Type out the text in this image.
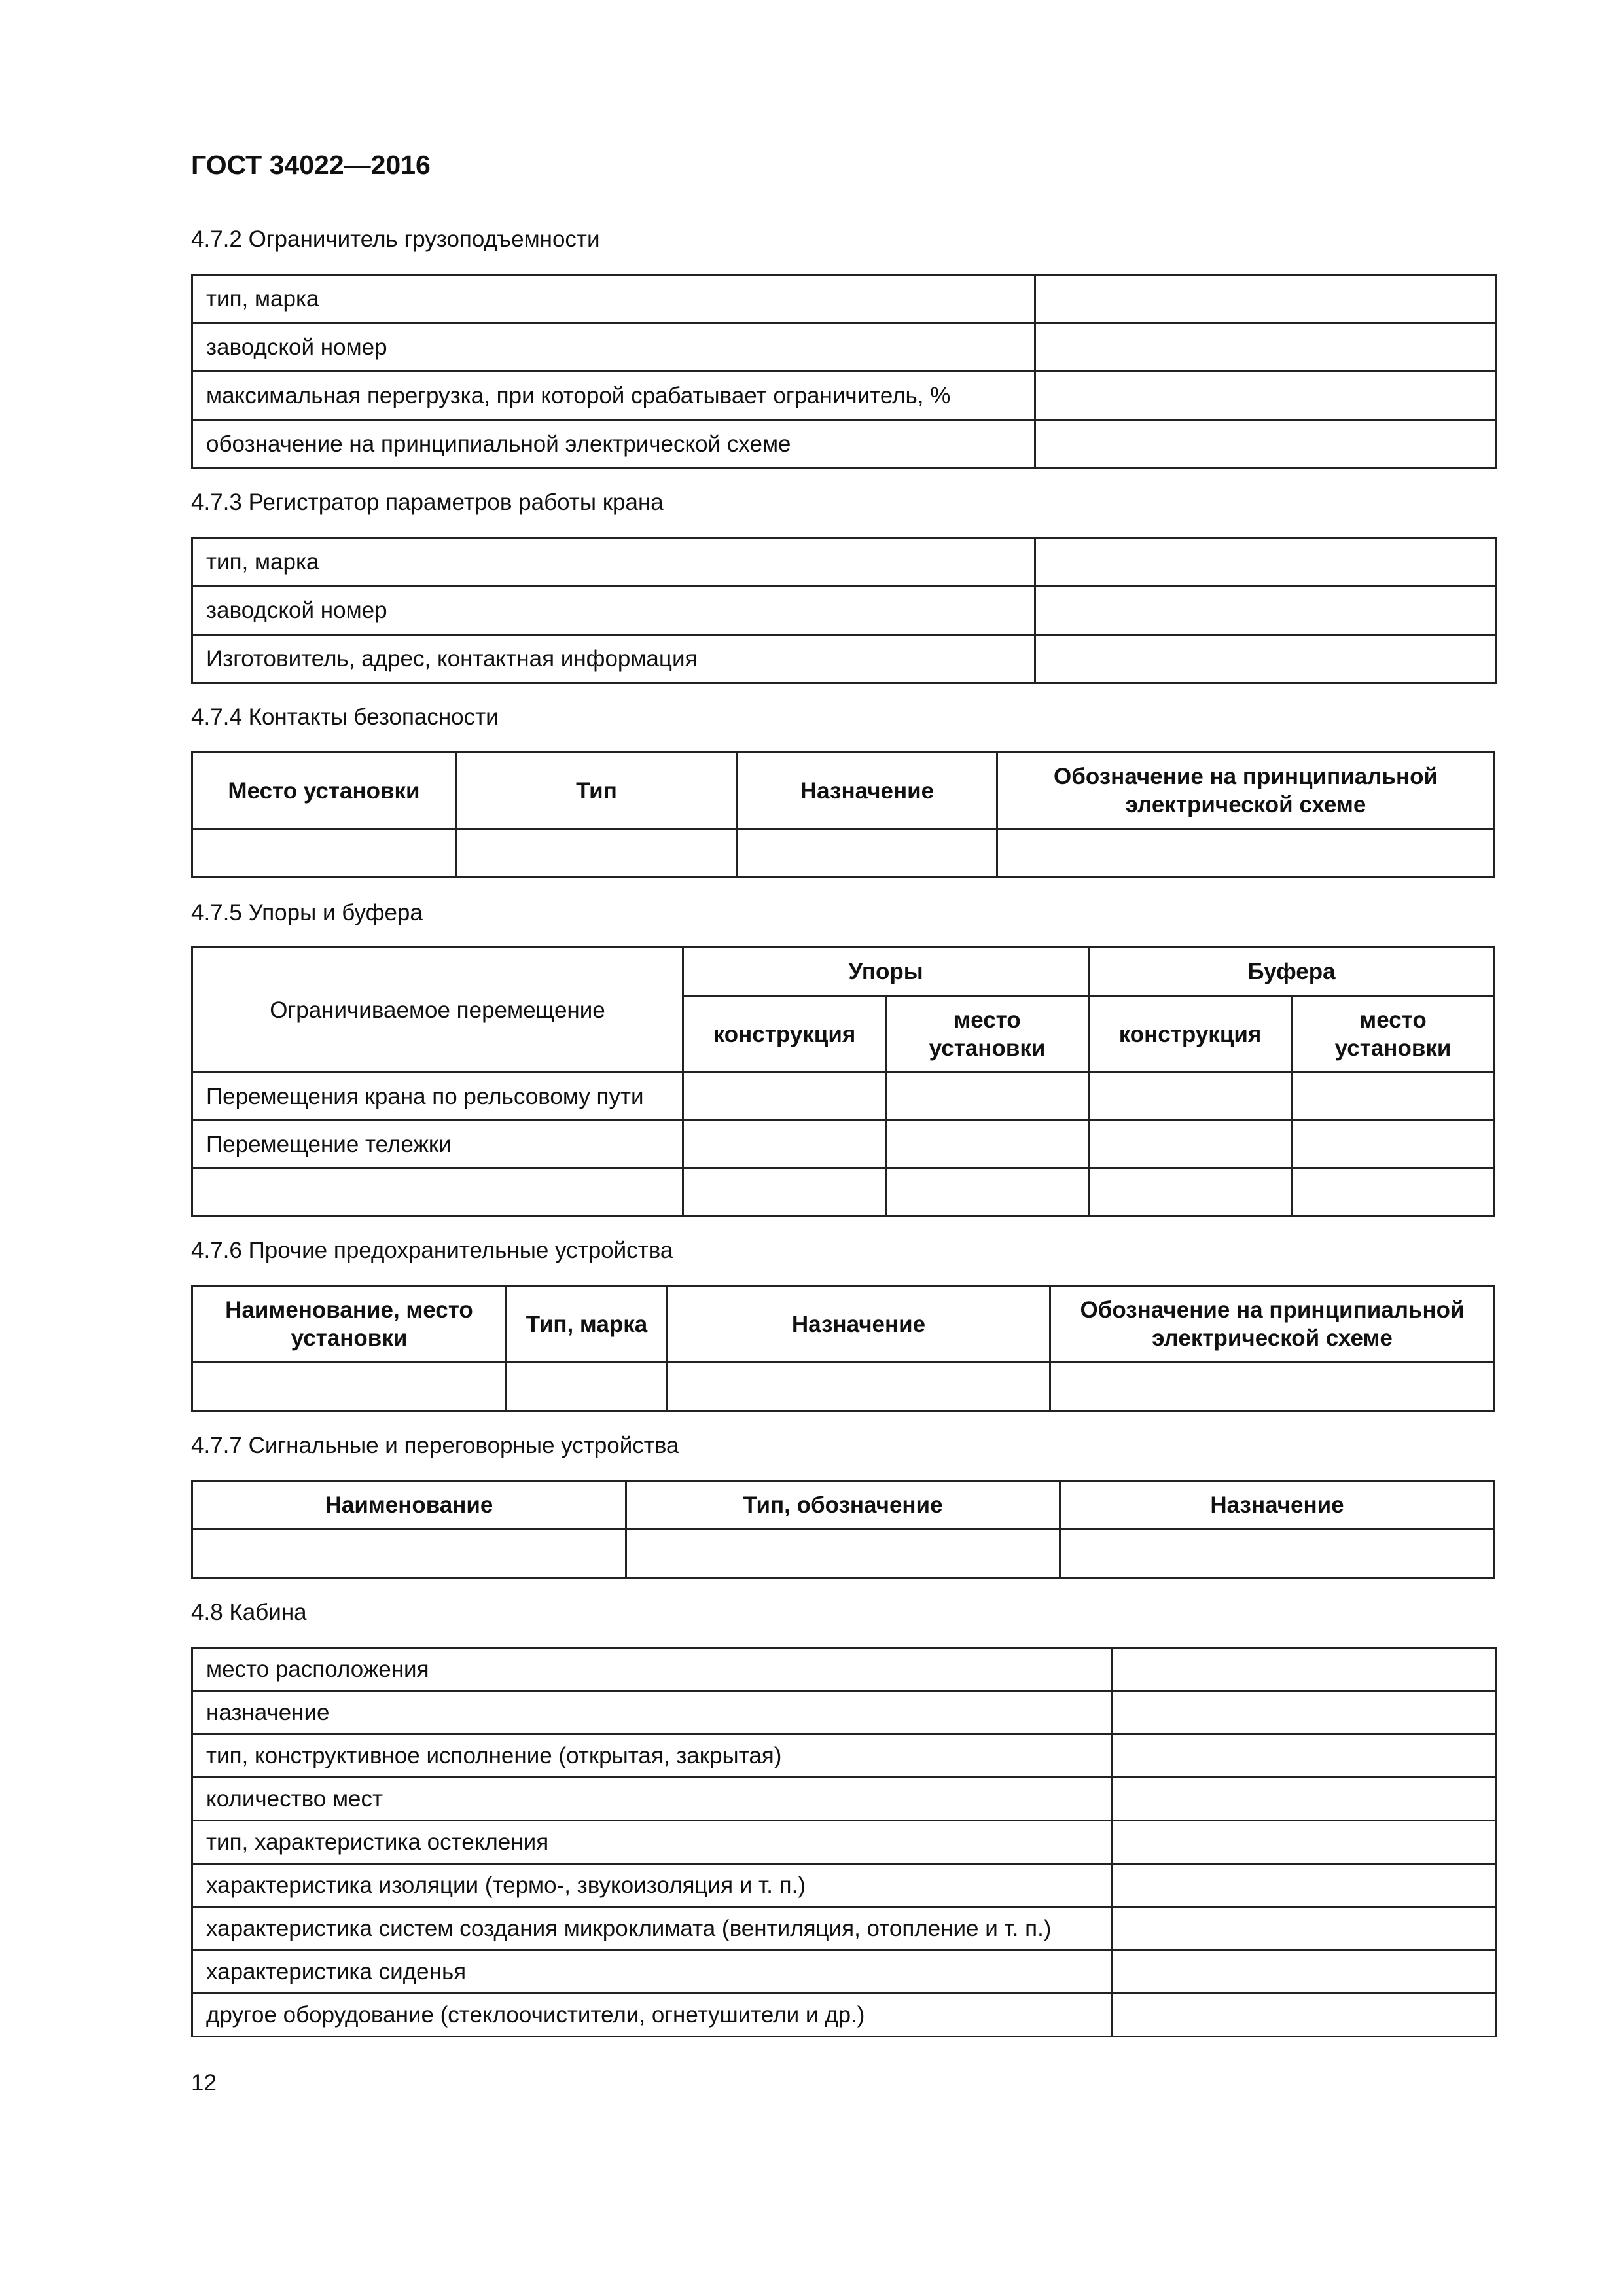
ГОСТ 34022—2016
4.7.2 Ограничитель грузоподъемности
тип, марка	
заводской номер	
максимальная перегрузка, при которой срабатывает ограничитель, %	
обозначение на принципиальной электрической схеме	
4.7.3 Регистратор параметров работы крана
тип, марка	
заводской номер	
Изготовитель, адрес, контактная информация	
4.7.4 Контакты безопасности
Место установки	Тип	Назначение	Обозначение на принципиальной электрической схеме

4.7.5 Упоры и буфера
Ограничиваемое перемещение	Упоры		Буфера	
	конструкция	место установки	конструкция	место установки
Перемещения крана по рельсовому пути				
Перемещение тележки				

4.7.6 Прочие предохранительные устройства
Наименование, место установки	Тип, марка	Назначение	Обозначение на принципиальной электрической схеме

4.7.7 Сигнальные и переговорные устройства
Наименование	Тип, обозначение	Назначение

4.8 Кабина
место расположения	
назначение	
тип, конструктивное исполнение (открытая, закрытая)	
количество мест	
тип, характеристика остекления	
характеристика изоляции (термо-, звукоизоляция и т. п.)	
характеристика систем создания микроклимата (вентиляция, отопление и т. п.)	
характеристика сиденья	
другое оборудование (стеклоочистители, огнетушители и др.)	
12
